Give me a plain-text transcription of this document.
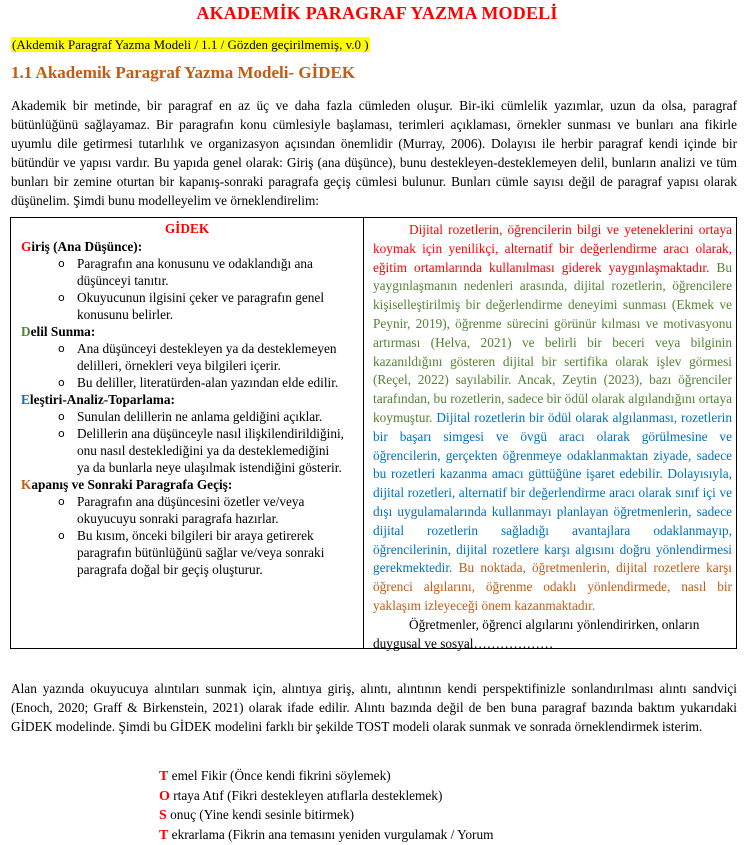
AKADEMİK PARAGRAF YAZMA MODELİ
(Akdemik Paragraf Yazma Modeli / 1.1 / Gözden geçirilmemiş, v.0 )
1.1 Akademik Paragraf Yazma Modeli- GİDEK
Akademik bir metinde, bir paragraf en az üç ve daha fazla cümleden oluşur. Bir-iki cümlelik yazımlar, uzun da olsa, paragraf bütünlüğünü sağlayamaz. Bir paragrafın konu cümlesiyle başlaması, terimleri açıklaması, örnekler sunması ve bunları ana fikirle uyumlu dile getirmesi tutarlılık ve organizasyon açısından önemlidir (Murray, 2006). Dolayısı ile herbir paragraf kendi içinde bir bütündür ve yapısı vardır. Bu yapıda genel olarak: Giriş (ana düşünce), bunu destekleyen-desteklemeyen delil, bunların analizi ve tüm bunları bir zemine oturtan bir kapanış-sonraki paragrafa geçiş cümlesi bulunur. Bunları cümle sayısı değil de paragraf yapısı olarak düşünelim. Şimdi bunu modelleyelim ve örneklendirelim:
GİDEK
Giriş (Ana Düşünce):
o Paragrafın ana konusunu ve odaklandığı ana düşünceyi tanıtır.
o Okuyucunun ilgisini çeker ve paragrafın genel konusunu belirler.
Delil Sunma:
o Ana düşünceyi destekleyen ya da desteklemeyen delilleri, örnekleri veya bilgileri içerir.
o Bu deliller, literatürden-alan yazından elde edilir.
Eleştiri-Analiz-Toparlama:
o Sunulan delillerin ne anlama geldiğini açıklar.
o Delillerin ana düşünceyle nasıl ilişkilendirildiğini, onu nasıl desteklediğini ya da desteklemediğini ya da bunlarla neye ulaşılmak istendiğini gösterir.
Kapanış ve Sonraki Paragrafa Geçiş:
o Paragrafın ana düşüncesini özetler ve/veya okuyucuyu sonraki paragrafa hazırlar.
o Bu kısım, önceki bilgileri bir araya getirerek paragrafın bütünlüğünü sağlar ve/veya sonraki paragrafa doğal bir geçiş oluşturur.

Dijital rozetlerin, öğrencilerin bilgi ve yeteneklerini ortaya koymak için yenilikçi, alternatif bir değerlendirme aracı olarak, eğitim ortamlarında kullanılması giderek yaygınlaşmaktadır. Bu yaygınlaşmanın nedenleri arasında, dijital rozetlerin, öğrencilere kişiselleştirilmiş bir değerlendirme deneyimi sunması (Ekmek ve Peynir, 2019), öğrenme sürecini görünür kılması ve motivasyonu artırması (Helva, 2021) ve belirli bir beceri veya bilginin kazanıldığını gösteren dijital bir sertifika olarak işlev görmesi (Reçel, 2022) sayılabilir. Ancak, Zeytin (2023), bazı öğrenciler tarafından, bu rozetlerin, sadece bir ödül olarak algılandığını ortaya koymuştur. Dijital rozetlerin bir ödül olarak algılanması, rozetlerin bir başarı simgesi ve övgü aracı olarak görülmesine ve öğrencilerin, gerçekten öğrenmeye odaklanmaktan ziyade, sadece bu rozetleri kazanma amacı güttüğüne işaret edebilir. Dolayısıyla, dijital rozetleri, alternatif bir değerlendirme aracı olarak sınıf içi ve dışı uygulamalarında kullanmayı planlayan öğretmenlerin, sadece dijital rozetlerin sağladığı avantajlara odaklanmayıp, öğrencilerinin, dijital rozetlere karşı algısını doğru yönlendirmesi gerekmektedir. Bu noktada, öğretmenlerin, dijital rozetlere karşı öğrenci algılarını, öğrenme odaklı yönlendirmede, nasıl bir yaklaşım izleyeceği önem kazanmaktadır.

Öğretmenler, öğrenci algılarını yönlendirirken, onların duygusal ve sosyal………………

Alan yazında okuyucuya alıntıları sunmak için, alıntıya giriş, alıntı, alıntının kendi perspektifinizle sonlandırılması alıntı sandviçi (Enoch, 2020; Graff & Birkenstein, 2021) olarak ifade edilir. Alıntı bazında değil de ben buna paragraf bazında baktım yukarıdaki GİDEK modelinde. Şimdi bu GİDEK modelini farklı bir şekilde TOST modeli olarak sunmak ve sonrada örneklendirmek isterim.
T emel Fikir (Önce kendi fikrini söylemek)
O rtaya Atıf (Fikri destekleyen atıflarla desteklemek)
S onuç (Yine kendi sesinle bitirmek)
T ekrarlama (Fikrin ana temasını yeniden vurgulamak / Yorum
